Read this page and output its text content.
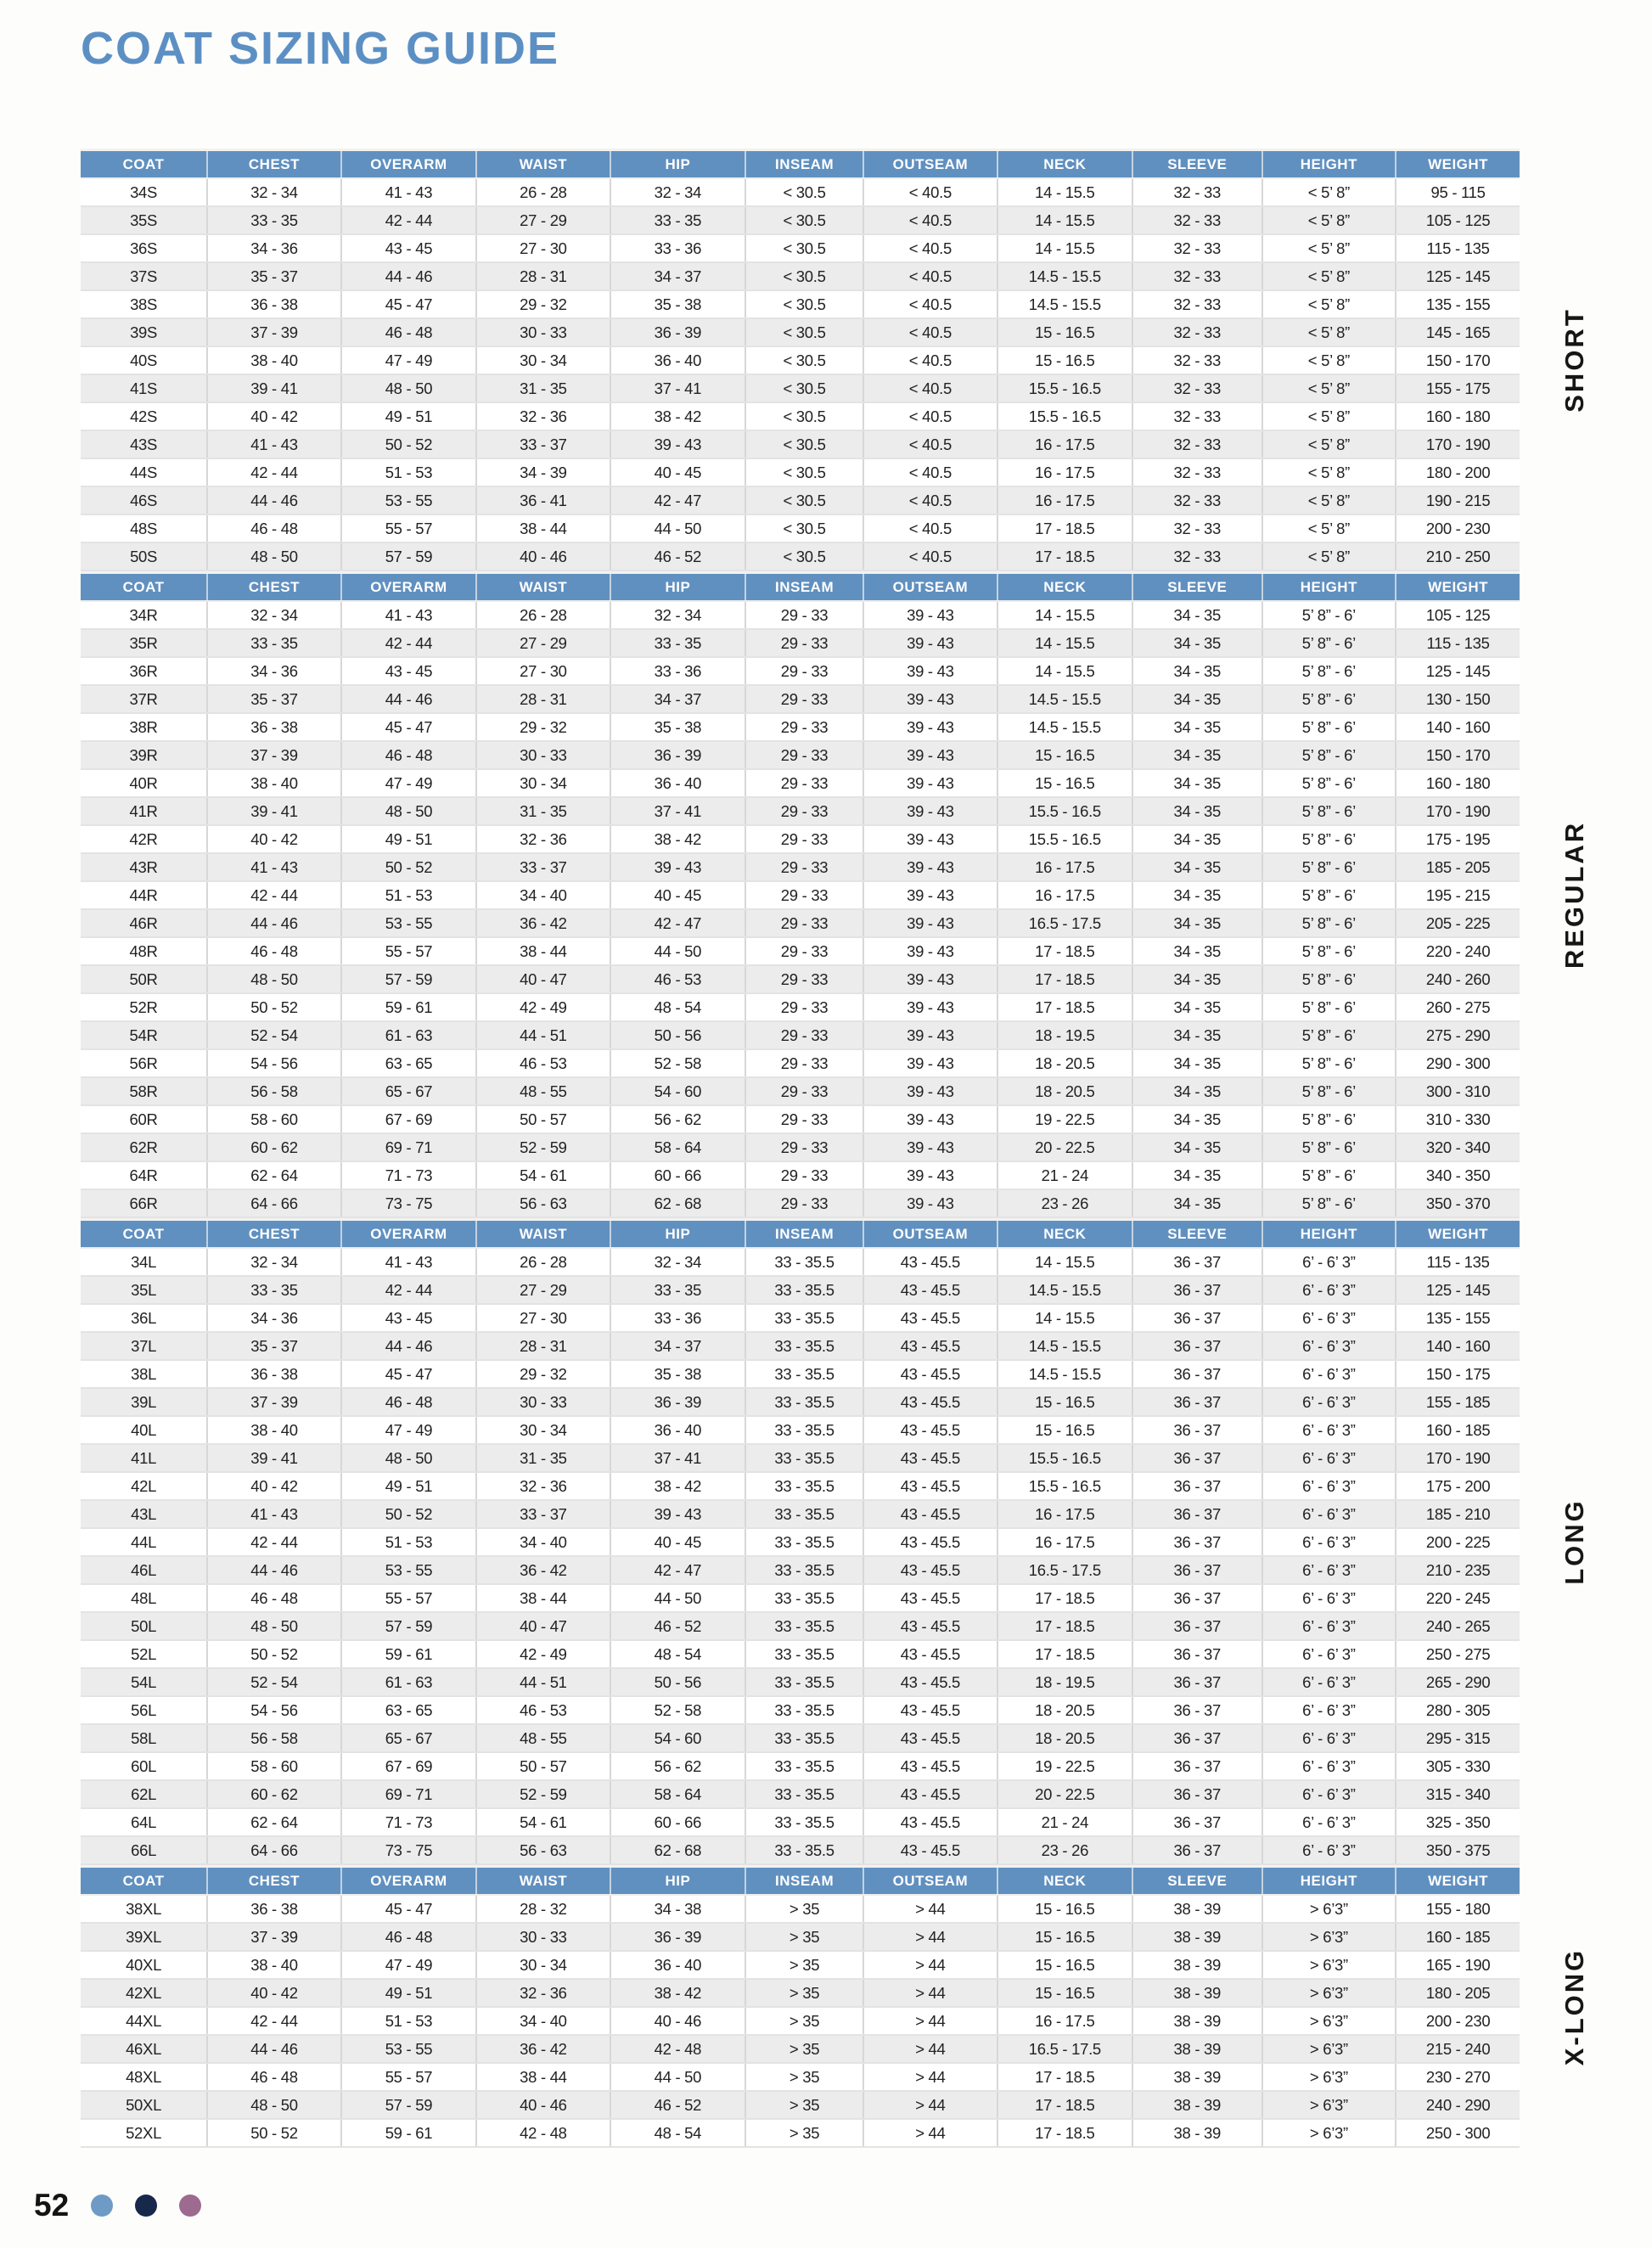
COAT SIZING GUIDE
COAT	CHEST	OVERARM	WAIST	HIP	INSEAM	OUTSEAM	NECK	SLEEVE	HEIGHT	WEIGHT
34S	32 - 34	41 - 43	26 - 28	32 - 34	< 30.5	< 40.5	14 - 15.5	32 - 33	< 5’ 8”	95 - 115
35S	33 - 35	42 - 44	27 - 29	33 - 35	< 30.5	< 40.5	14 - 15.5	32 - 33	< 5’ 8”	105 - 125
36S	34 - 36	43 - 45	27 - 30	33 - 36	< 30.5	< 40.5	14 - 15.5	32 - 33	< 5’ 8”	115 - 135
37S	35 - 37	44 - 46	28 - 31	34 - 37	< 30.5	< 40.5	14.5 - 15.5	32 - 33	< 5’ 8”	125 - 145
38S	36 - 38	45 - 47	29 - 32	35 - 38	< 30.5	< 40.5	14.5 - 15.5	32 - 33	< 5’ 8”	135 - 155
39S	37 - 39	46 - 48	30 - 33	36 - 39	< 30.5	< 40.5	15 - 16.5	32 - 33	< 5’ 8”	145 - 165
40S	38 - 40	47 - 49	30 - 34	36 - 40	< 30.5	< 40.5	15 - 16.5	32 - 33	< 5’ 8”	150 - 170
41S	39 - 41	48 - 50	31 - 35	37 - 41	< 30.5	< 40.5	15.5 - 16.5	32 - 33	< 5’ 8”	155 - 175
42S	40 - 42	49 - 51	32 - 36	38 - 42	< 30.5	< 40.5	15.5 - 16.5	32 - 33	< 5’ 8”	160 - 180
43S	41 - 43	50 - 52	33 - 37	39 - 43	< 30.5	< 40.5	16 - 17.5	32 - 33	< 5’ 8”	170 - 190
44S	42 - 44	51 - 53	34 - 39	40 - 45	< 30.5	< 40.5	16 - 17.5	32 - 33	< 5’ 8”	180 - 200
46S	44 - 46	53 - 55	36 - 41	42 - 47	< 30.5	< 40.5	16 - 17.5	32 - 33	< 5’ 8”	190 - 215
48S	46 - 48	55 - 57	38 - 44	44 - 50	< 30.5	< 40.5	17 - 18.5	32 - 33	< 5’ 8”	200 - 230
50S	48 - 50	57 - 59	40 - 46	46 - 52	< 30.5	< 40.5	17 - 18.5	32 - 33	< 5’ 8”	210 - 250
SHORT
COAT	CHEST	OVERARM	WAIST	HIP	INSEAM	OUTSEAM	NECK	SLEEVE	HEIGHT	WEIGHT
34R	32 - 34	41 - 43	26 - 28	32 - 34	29 - 33	39 - 43	14 - 15.5	34 - 35	5’ 8” - 6’	105 - 125
35R	33 - 35	42 - 44	27 - 29	33 - 35	29 - 33	39 - 43	14 - 15.5	34 - 35	5’ 8” - 6’	115 - 135
36R	34 - 36	43 - 45	27 - 30	33 - 36	29 - 33	39 - 43	14 - 15.5	34 - 35	5’ 8” - 6’	125 - 145
37R	35 - 37	44 - 46	28 - 31	34 - 37	29 - 33	39 - 43	14.5 - 15.5	34 - 35	5’ 8” - 6’	130 - 150
38R	36 - 38	45 - 47	29 - 32	35 - 38	29 - 33	39 - 43	14.5 - 15.5	34 - 35	5’ 8” - 6’	140 - 160
39R	37 - 39	46 - 48	30 - 33	36 - 39	29 - 33	39 - 43	15 - 16.5	34 - 35	5’ 8” - 6’	150 - 170
40R	38 - 40	47 - 49	30 - 34	36 - 40	29 - 33	39 - 43	15 - 16.5	34 - 35	5’ 8” - 6’	160 - 180
41R	39 - 41	48 - 50	31 - 35	37 - 41	29 - 33	39 - 43	15.5 - 16.5	34 - 35	5’ 8” - 6’	170 - 190
42R	40 - 42	49 - 51	32 - 36	38 - 42	29 - 33	39 - 43	15.5 - 16.5	34 - 35	5’ 8” - 6’	175 - 195
43R	41 - 43	50 - 52	33 - 37	39 - 43	29 - 33	39 - 43	16 - 17.5	34 - 35	5’ 8” - 6’	185 - 205
44R	42 - 44	51 - 53	34 - 40	40 - 45	29 - 33	39 - 43	16 - 17.5	34 - 35	5’ 8” - 6’	195 - 215
46R	44 - 46	53 - 55	36 - 42	42 - 47	29 - 33	39 - 43	16.5 - 17.5	34 - 35	5’ 8” - 6’	205 - 225
48R	46 - 48	55 - 57	38 - 44	44 - 50	29 - 33	39 - 43	17 - 18.5	34 - 35	5’ 8” - 6’	220 - 240
50R	48 - 50	57 - 59	40 - 47	46 - 53	29 - 33	39 - 43	17 - 18.5	34 - 35	5’ 8” - 6’	240 - 260
52R	50 - 52	59 - 61	42 - 49	48 - 54	29 - 33	39 - 43	17 - 18.5	34 - 35	5’ 8” - 6’	260 - 275
54R	52 - 54	61 - 63	44 - 51	50 - 56	29 - 33	39 - 43	18 - 19.5	34 - 35	5’ 8” - 6’	275 - 290
56R	54 - 56	63 - 65	46 - 53	52 - 58	29 - 33	39 - 43	18 - 20.5	34 - 35	5’ 8” - 6’	290 - 300
58R	56 - 58	65 - 67	48 - 55	54 - 60	29 - 33	39 - 43	18 - 20.5	34 - 35	5’ 8” - 6’	300 - 310
60R	58 - 60	67 - 69	50 - 57	56 - 62	29 - 33	39 - 43	19 - 22.5	34 - 35	5’ 8” - 6’	310 - 330
62R	60 - 62	69 - 71	52 - 59	58 - 64	29 - 33	39 - 43	20 - 22.5	34 - 35	5’ 8” - 6’	320 - 340
64R	62 - 64	71 - 73	54 - 61	60 - 66	29 - 33	39 - 43	21 - 24	34 - 35	5’ 8” - 6’	340 - 350
66R	64 - 66	73 - 75	56 - 63	62 - 68	29 - 33	39 - 43	23 - 26	34 - 35	5’ 8” - 6’	350 - 370
REGULAR
COAT	CHEST	OVERARM	WAIST	HIP	INSEAM	OUTSEAM	NECK	SLEEVE	HEIGHT	WEIGHT
34L	32 - 34	41 - 43	26 - 28	32 - 34	33 - 35.5	43 - 45.5	14 - 15.5	36 - 37	6’ - 6’ 3”	115 - 135
35L	33 - 35	42 - 44	27 - 29	33 - 35	33 - 35.5	43 - 45.5	14.5 - 15.5	36 - 37	6’ - 6’ 3”	125 - 145
36L	34 - 36	43 - 45	27 - 30	33 - 36	33 - 35.5	43 - 45.5	14 - 15.5	36 - 37	6’ - 6’ 3”	135 - 155
37L	35 - 37	44 - 46	28 - 31	34 - 37	33 - 35.5	43 - 45.5	14.5 - 15.5	36 - 37	6’ - 6’ 3”	140 - 160
38L	36 - 38	45 - 47	29 - 32	35 - 38	33 - 35.5	43 - 45.5	14.5 - 15.5	36 - 37	6’ - 6’ 3”	150 - 175
39L	37 - 39	46 - 48	30 - 33	36 - 39	33 - 35.5	43 - 45.5	15 - 16.5	36 - 37	6’ - 6’ 3”	155 - 185
40L	38 - 40	47 - 49	30 - 34	36 - 40	33 - 35.5	43 - 45.5	15 - 16.5	36 - 37	6’ - 6’ 3”	160 - 185
41L	39 - 41	48 - 50	31 - 35	37 - 41	33 - 35.5	43 - 45.5	15.5 - 16.5	36 - 37	6’ - 6’ 3”	170 - 190
42L	40 - 42	49 - 51	32 - 36	38 - 42	33 - 35.5	43 - 45.5	15.5 - 16.5	36 - 37	6’ - 6’ 3”	175 - 200
43L	41 - 43	50 - 52	33 - 37	39 - 43	33 - 35.5	43 - 45.5	16 - 17.5	36 - 37	6’ - 6’ 3”	185 - 210
44L	42 - 44	51 - 53	34 - 40	40 - 45	33 - 35.5	43 - 45.5	16 - 17.5	36 - 37	6’ - 6’ 3”	200 - 225
46L	44 - 46	53 - 55	36 - 42	42 - 47	33 - 35.5	43 - 45.5	16.5 - 17.5	36 - 37	6’ - 6’ 3”	210 - 235
48L	46 - 48	55 - 57	38 - 44	44 - 50	33 - 35.5	43 - 45.5	17 - 18.5	36 - 37	6’ - 6’ 3”	220 - 245
50L	48 - 50	57 - 59	40 - 47	46 - 52	33 - 35.5	43 - 45.5	17 - 18.5	36 - 37	6’ - 6’ 3”	240 - 265
52L	50 - 52	59 - 61	42 - 49	48 - 54	33 - 35.5	43 - 45.5	17 - 18.5	36 - 37	6’ - 6’ 3”	250 - 275
54L	52 - 54	61 - 63	44 - 51	50 - 56	33 - 35.5	43 - 45.5	18 - 19.5	36 - 37	6’ - 6’ 3”	265 - 290
56L	54 - 56	63 - 65	46 - 53	52 - 58	33 - 35.5	43 - 45.5	18 - 20.5	36 - 37	6’ - 6’ 3”	280 - 305
58L	56 - 58	65 - 67	48 - 55	54 - 60	33 - 35.5	43 - 45.5	18 - 20.5	36 - 37	6’ - 6’ 3”	295 - 315
60L	58 - 60	67 - 69	50 - 57	56 - 62	33 - 35.5	43 - 45.5	19 - 22.5	36 - 37	6’ - 6’ 3”	305 - 330
62L	60 - 62	69 - 71	52 - 59	58 - 64	33 - 35.5	43 - 45.5	20 - 22.5	36 - 37	6’ - 6’ 3”	315 - 340
64L	62 - 64	71 - 73	54 - 61	60 - 66	33 - 35.5	43 - 45.5	21 - 24	36 - 37	6’ - 6’ 3”	325 - 350
66L	64 - 66	73 - 75	56 - 63	62 - 68	33 - 35.5	43 - 45.5	23 - 26	36 - 37	6’ - 6’ 3”	350 - 375
LONG
COAT	CHEST	OVERARM	WAIST	HIP	INSEAM	OUTSEAM	NECK	SLEEVE	HEIGHT	WEIGHT
38XL	36 - 38	45 - 47	28 - 32	34 - 38	> 35	> 44	15 - 16.5	38 - 39	> 6’3”	155 - 180
39XL	37 - 39	46 - 48	30 - 33	36 - 39	> 35	> 44	15 - 16.5	38 - 39	> 6’3”	160 - 185
40XL	38 - 40	47 - 49	30 - 34	36 - 40	> 35	> 44	15 - 16.5	38 - 39	> 6’3”	165 - 190
42XL	40 - 42	49 - 51	32 - 36	38 - 42	> 35	> 44	15 - 16.5	38 - 39	> 6’3”	180 - 205
44XL	42 - 44	51 - 53	34 - 40	40 - 46	> 35	> 44	16 - 17.5	38 - 39	> 6’3”	200 - 230
46XL	44 - 46	53 - 55	36 - 42	42 - 48	> 35	> 44	16.5 - 17.5	38 - 39	> 6’3”	215 - 240
48XL	46 - 48	55 - 57	38 - 44	44 - 50	> 35	> 44	17 - 18.5	38 - 39	> 6’3”	230 - 270
50XL	48 - 50	57 - 59	40 - 46	46 - 52	> 35	> 44	17 - 18.5	38 - 39	> 6’3”	240 - 290
52XL	50 - 52	59 - 61	42 - 48	48 - 54	> 35	> 44	17 - 18.5	38 - 39	> 6’3”	250 - 300
X-LONG
52
